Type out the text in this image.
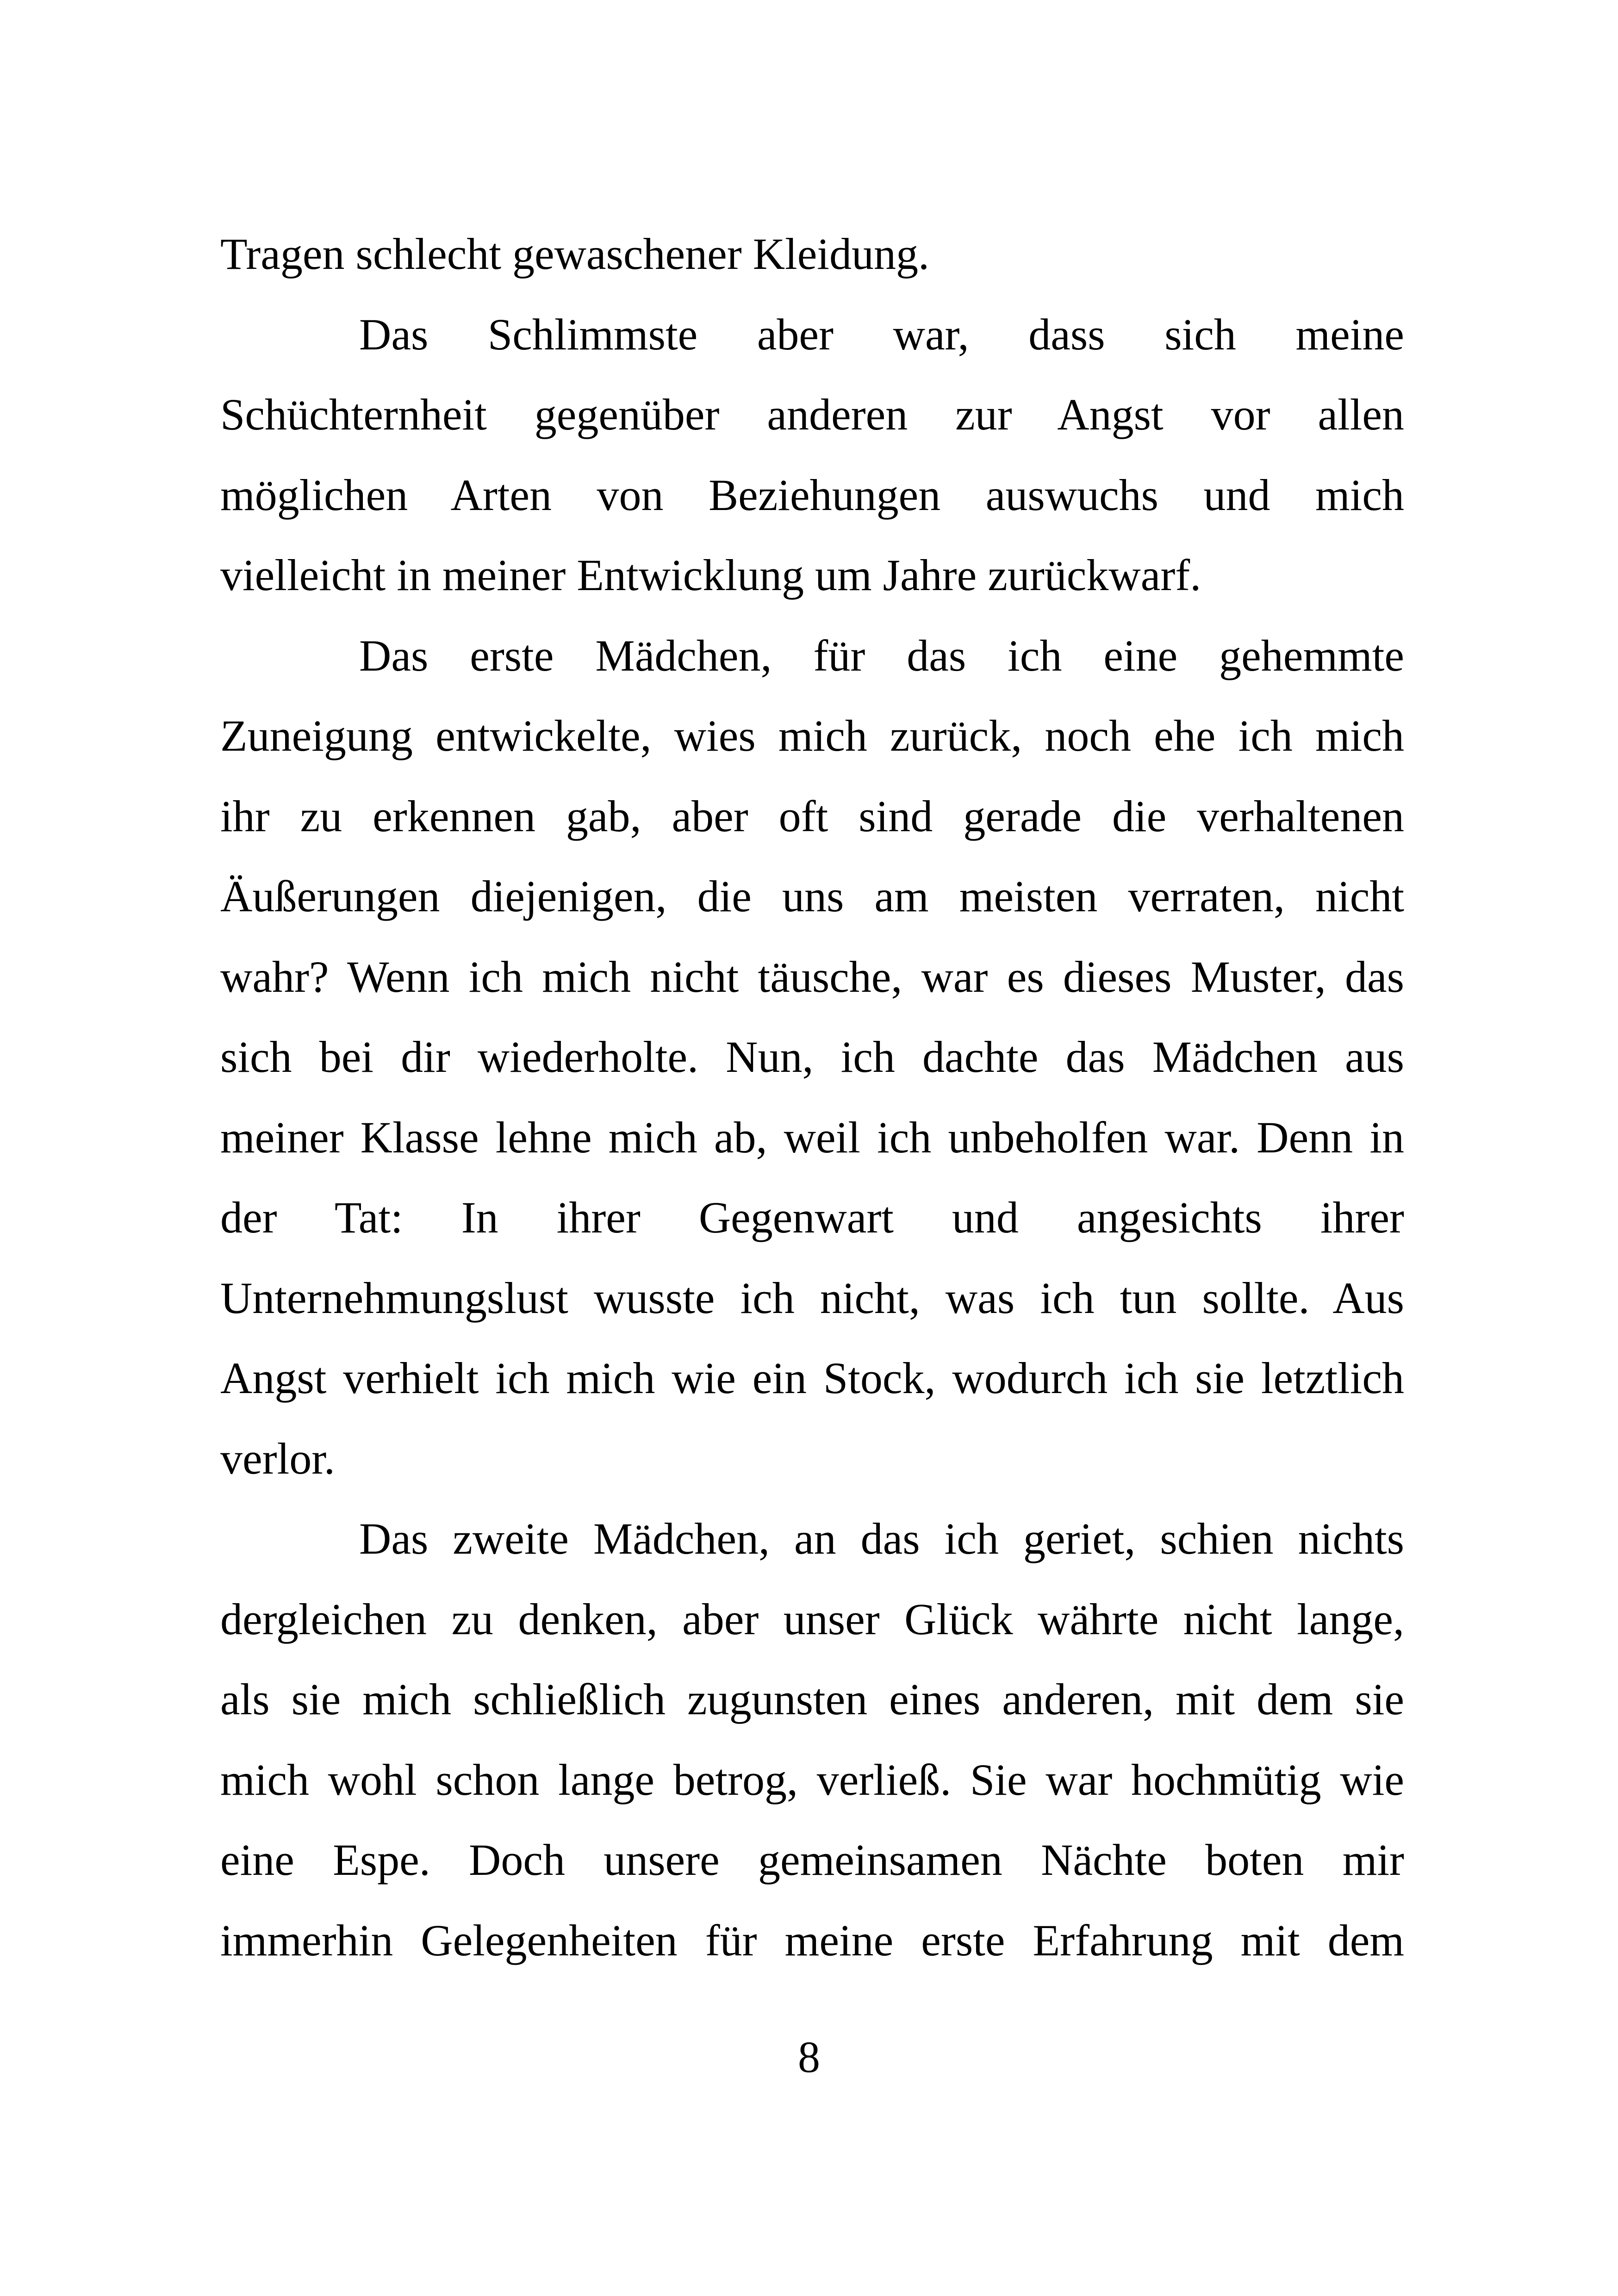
Tragen schlecht gewaschener Kleidung.
Das Schlimmste aber war, dass sich meine
Schüchternheit gegenüber anderen zur Angst vor allen
möglichen Arten von Beziehungen auswuchs und mich
vielleicht in meiner Entwicklung um Jahre zurückwarf.
Das erste Mädchen, für das ich eine gehemmte
Zuneigung entwickelte, wies mich zurück, noch ehe ich mich
ihr zu erkennen gab, aber oft sind gerade die verhaltenen
Äußerungen diejenigen, die uns am meisten verraten, nicht
wahr? Wenn ich mich nicht täusche, war es dieses Muster, das
sich bei dir wiederholte. Nun, ich dachte das Mädchen aus
meiner Klasse lehne mich ab, weil ich unbeholfen war. Denn in
der Tat: In ihrer Gegenwart und angesichts ihrer
Unternehmungslust wusste ich nicht, was ich tun sollte. Aus
Angst verhielt ich mich wie ein Stock, wodurch ich sie letztlich
verlor.
Das zweite Mädchen, an das ich geriet, schien nichts
dergleichen zu denken, aber unser Glück währte nicht lange,
als sie mich schließlich zugunsten eines anderen, mit dem sie
mich wohl schon lange betrog, verließ. Sie war hochmütig wie
eine Espe. Doch unsere gemeinsamen Nächte boten mir
immerhin Gelegenheiten für meine erste Erfahrung mit dem
8
